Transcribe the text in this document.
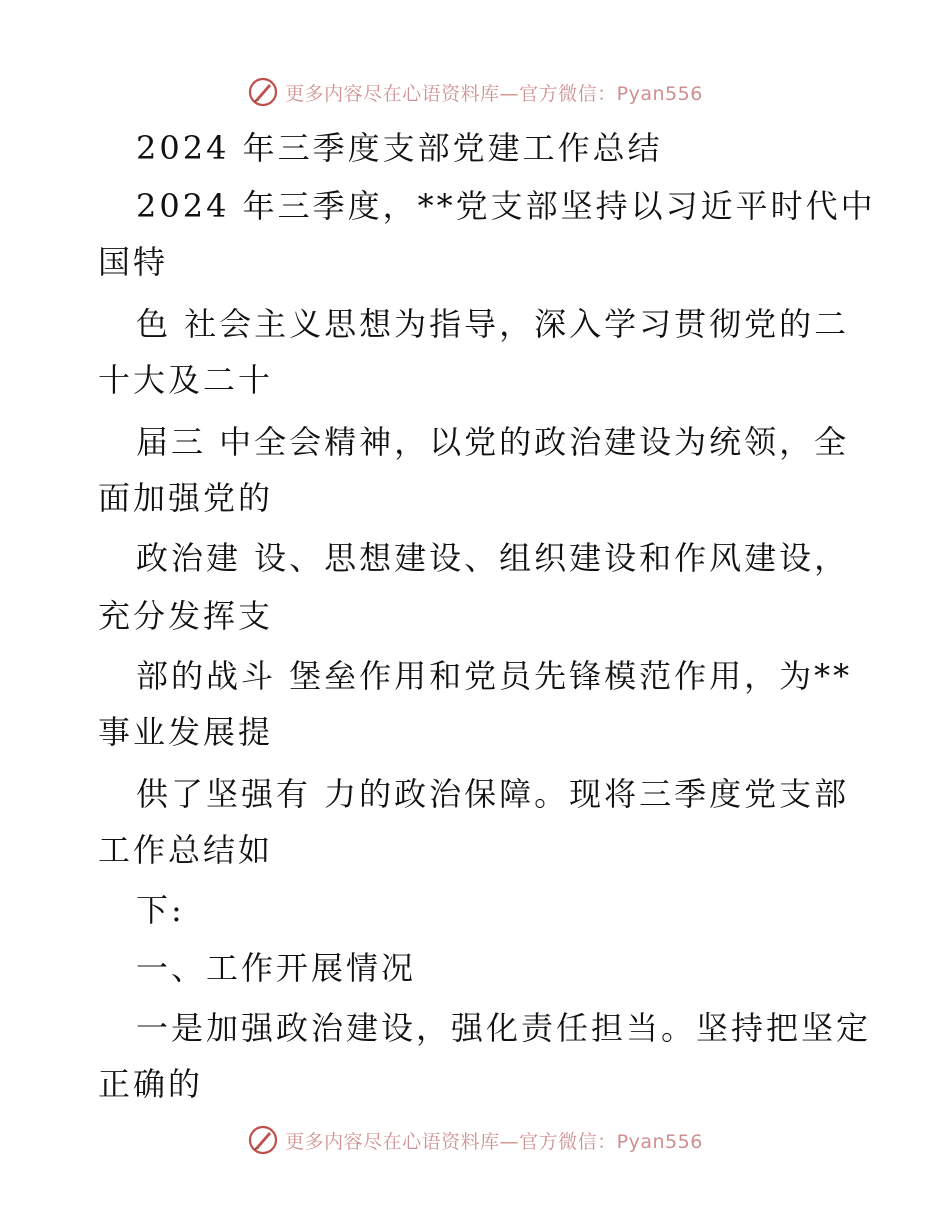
更多内容尽在心语资料库—官方微信：Pyan556
2024 年三季度支部党建工作总结
2024 年三季度，**党支部坚持以习近平时代中
国特
色 社会主义思想为指导，深入学习贯彻党的二
十大及二十
届三 中全会精神，以党的政治建设为统领，全
面加强党的
政治建 设、思想建设、组织建设和作风建设，
充分发挥支
部的战斗 堡垒作用和党员先锋模范作用，为**
事业发展提
供了坚强有 力的政治保障。现将三季度党支部
工作总结如
下:
一、工作开展情况
一是加强政治建设，强化责任担当。坚持把坚定
正确的
更多内容尽在心语资料库—官方微信：Pyan556
